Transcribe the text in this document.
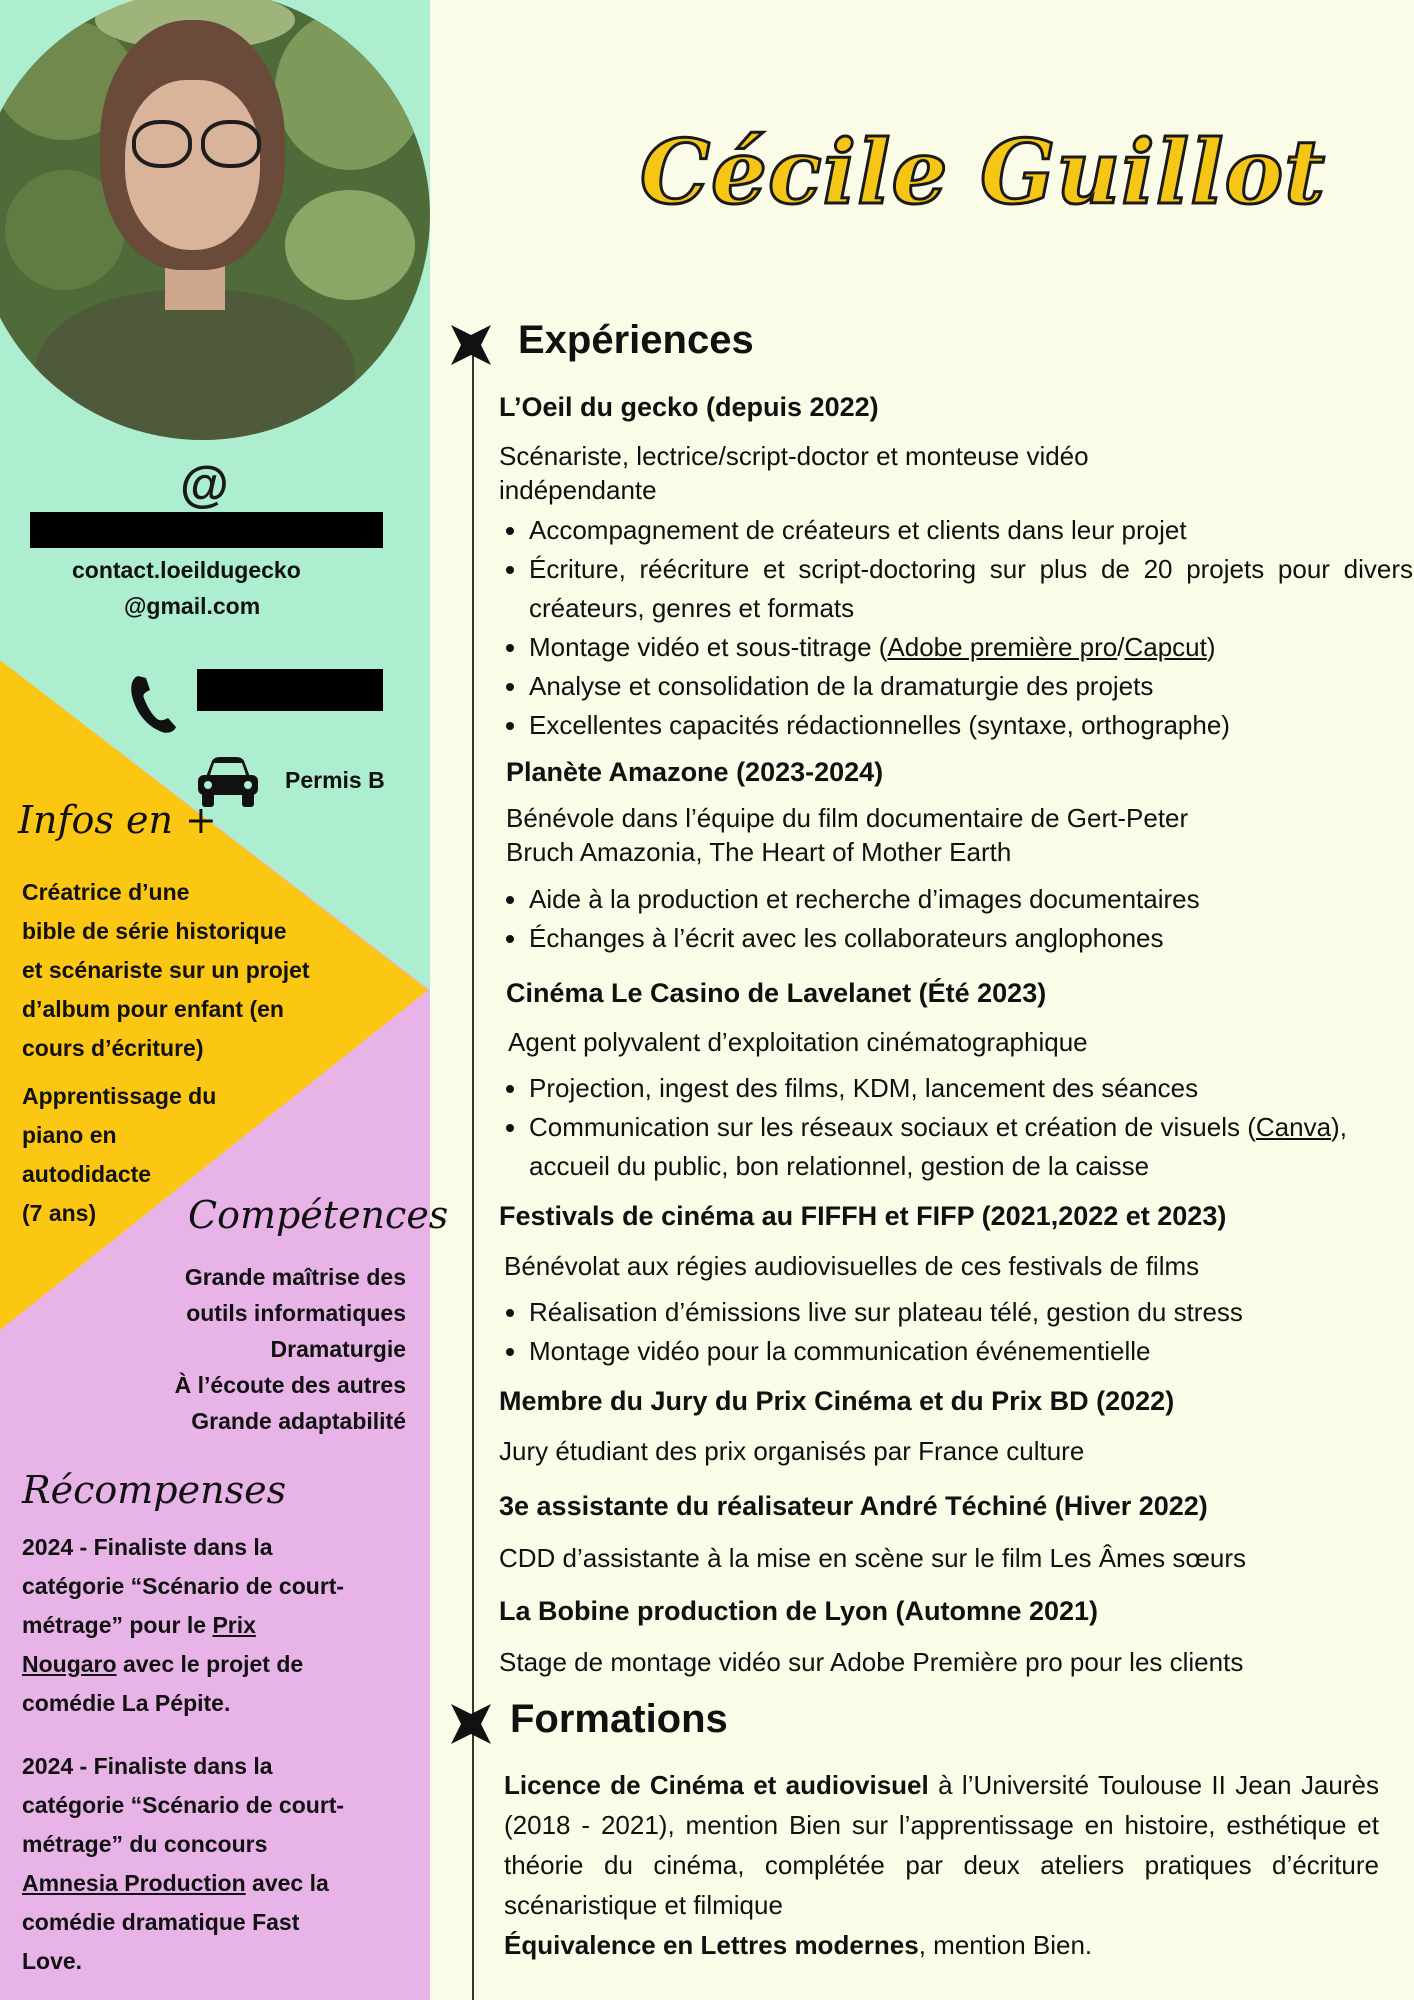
@
contact.loeildugecko
@gmail.com
Permis B
Infos en +
Créatrice d’une
bible de série historique
et scénariste sur un projet
d’album pour enfant (en
cours d’écriture)
Apprentissage du
piano en
autodidacte
(7 ans)	Compétences
Grande maîtrise des
outils informatiques
Dramaturgie
À l’écoute des autres
Grande adaptabilité
Récompenses
2024 - Finaliste dans la
catégorie “Scénario de court-
métrage” pour le Prix
Nougaro avec le projet de
comédie La Pépite.
2024 - Finaliste dans la
catégorie “Scénario de court-
métrage” du concours
Amnesia Production avec la
comédie dramatique Fast
Love.
Cécile Guillot
Expériences
L’Oeil du gecko (depuis 2022)
Scénariste, lectrice/script-doctor et monteuse vidéo
indépendante
• Accompagnement de créateurs et clients dans leur projet
• Écriture, réécriture et script-doctoring sur plus de 20 projets pour divers créateurs, genres et formats
• Montage vidéo et sous-titrage (Adobe première pro/Capcut)
• Analyse et consolidation de la dramaturgie des projets
• Excellentes capacités rédactionnelles (syntaxe, orthographe)
Planète Amazone (2023-2024)
Bénévole dans l’équipe du film documentaire de Gert-Peter
Bruch Amazonia, The Heart of Mother Earth
• Aide à la production et recherche d’images documentaires
• Échanges à l’écrit avec les collaborateurs anglophones
Cinéma Le Casino de Lavelanet (Été 2023)
Agent polyvalent d’exploitation cinématographique
• Projection, ingest des films, KDM, lancement des séances
• Communication sur les réseaux sociaux et création de visuels (Canva), accueil du public, bon relationnel, gestion de la caisse
Festivals de cinéma au FIFFH et FIFP (2021,2022 et 2023)
Bénévolat aux régies audiovisuelles de ces festivals de films
• Réalisation d’émissions live sur plateau télé, gestion du stress
• Montage vidéo pour la communication événementielle
Membre du Jury du Prix Cinéma et du Prix BD (2022)
Jury étudiant des prix organisés par France culture
3e assistante du réalisateur André Téchiné (Hiver 2022)
CDD d’assistante à la mise en scène sur le film Les Âmes sœurs
La Bobine production de Lyon (Automne 2021)
Stage de montage vidéo sur Adobe Première pro pour les clients
Formations
Licence de Cinéma et audiovisuel à l’Université Toulouse II Jean Jaurès (2018 - 2021), mention Bien sur l’apprentissage en histoire, esthétique et théorie du cinéma, complétée par deux ateliers pratiques d’écriture scénaristique et filmique
Équivalence en Lettres modernes, mention Bien.
